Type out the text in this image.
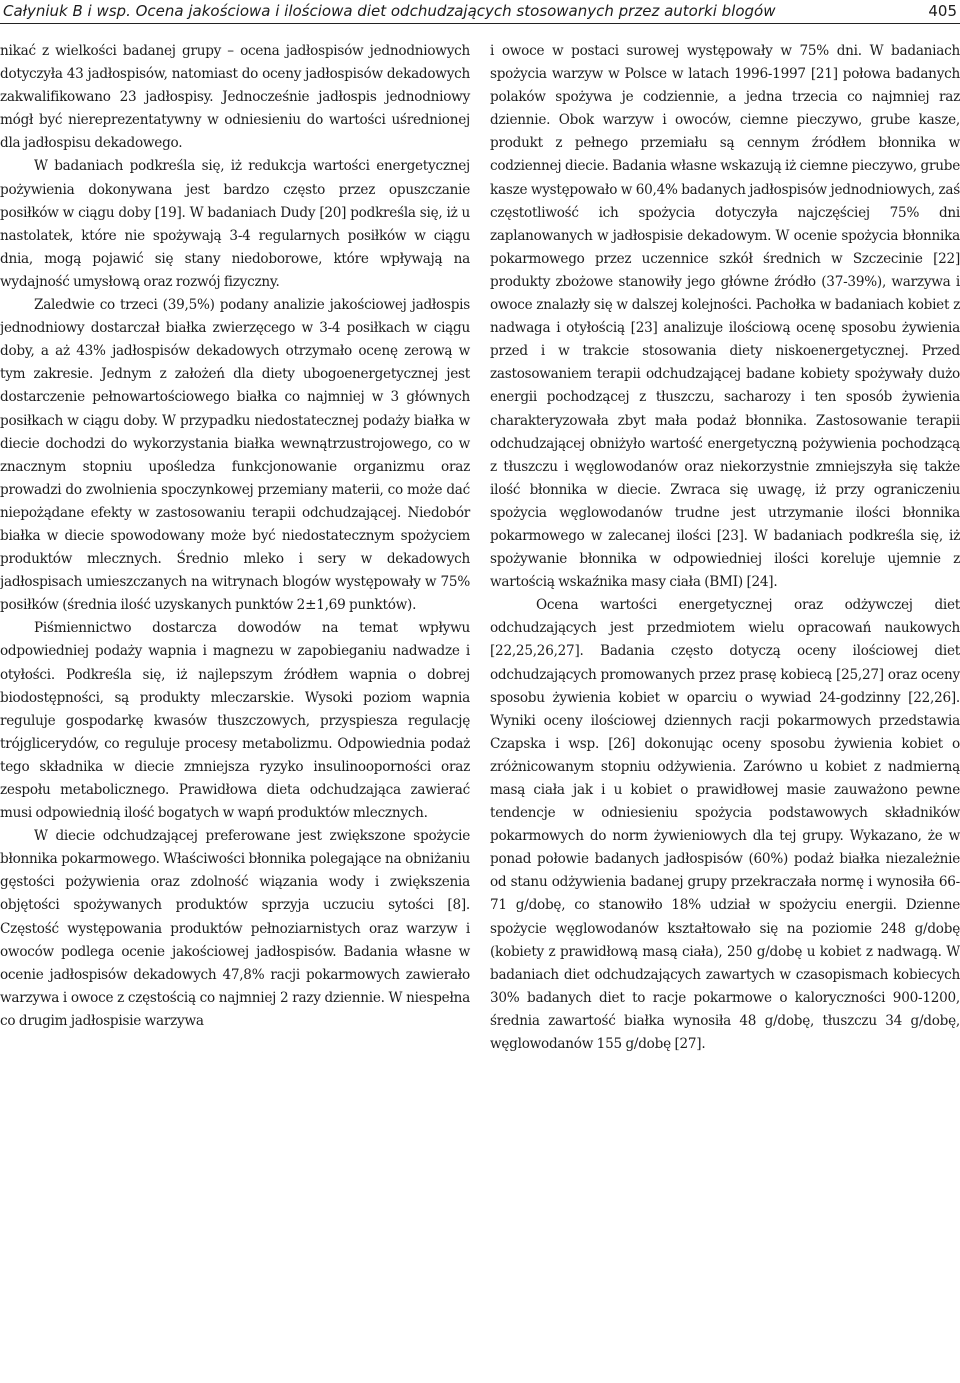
Całyniuk B i wsp. Ocena jakościowa i ilościowa diet odchudzających stosowanych przez autorki blogów	405

nikać z wielkości badanej grupy – ocena jadłospisów jednodniowych dotyczyła 43 jadłospisów, natomiast do oceny jadłospisów dekadowych zakwalifikowano 23 jadłospisy. Jednocześnie jadłospis jednodniowy mógł być niereprezentatywny w odniesieniu do wartości uśrednionej dla jadłospisu dekadowego.

W badaniach podkreśla się, iż redukcja wartości energetycznej pożywienia dokonywana jest bardzo często przez opuszczanie posiłków w ciągu doby [19]. W badaniach Dudy [20] podkreśla się, iż u nastolatek, które nie spożywają 3-4 regularnych posiłków w ciągu dnia, mogą pojawić się stany niedoborowe, które wpływają na wydajność umysłową oraz rozwój fizyczny.

Zaledwie co trzeci (39,5%) podany analizie jakościowej jadłospis jednodniowy dostarczał białka zwierzęcego w 3-4 posiłkach w ciągu doby, a aż 43% jadłospisów dekadowych otrzymało ocenę zerową w tym zakresie. Jednym z założeń dla diety ubogoenergetycznej jest dostarczenie pełnowartościowego białka co najmniej w 3 głównych posiłkach w ciągu doby. W przypadku niedostatecznej podaży białka w diecie dochodzi do wykorzystania białka wewnątrzustrojowego, co w znacznym stopniu upośledza funkcjonowanie organizmu oraz prowadzi do zwolnienia spoczynkowej przemiany materii, co może dać niepożądane efekty w zastosowaniu terapii odchudzającej. Niedobór białka w diecie spowodowany może być niedostatecznym spożyciem produktów mlecznych. Średnio mleko i sery w dekadowych jadłospisach umieszczanych na witrynach blogów występowały w 75% posiłków (średnia ilość uzyskanych punktów 2±1,69 punktów).

Piśmiennictwo dostarcza dowodów na temat wpływu odpowiedniej podaży wapnia i magnezu w zapobieganiu nadwadze i otyłości. Podkreśla się, iż najlepszym źródłem wapnia o dobrej biodostępności, są produkty mleczarskie. Wysoki poziom wapnia reguluje gospodarkę kwasów tłuszczowych, przyspiesza regulację trójglicerydów, co reguluje procesy metabolizmu. Odpowiednia podaż tego składnika w diecie zmniejsza ryzyko insulinooporności oraz zespołu metabolicznego. Prawidłowa dieta odchudzająca zawierać musi odpowiednią ilość bogatych w wapń produktów mlecznych.

W diecie odchudzającej preferowane jest zwiększone spożycie błonnika pokarmowego. Właściwości błonnika polegające na obniżaniu gęstości pożywienia oraz zdolność wiązania wody i zwiększenia objętości spożywanych produktów sprzyja uczuciu sytości [8]. Częstość występowania produktów pełnoziarnistych oraz warzyw i owoców podlega ocenie jakościowej jadłospisów. Badania własne w ocenie jadłospisów dekadowych 47,8% racji pokarmowych zawierało warzywa i owoce z częstością co najmniej 2 razy dziennie. W niespełna co drugim jadłospisie warzywa

i owoce w postaci surowej występowały w 75% dni. W badaniach spożycia warzyw w Polsce w latach 1996-1997 [21] połowa badanych polaków spożywa je codziennie, a jedna trzecia co najmniej raz dziennie. Obok warzyw i owoców, ciemne pieczywo, grube kasze, produkt z pełnego przemiału są cennym źródłem błonnika w codziennej diecie. Badania własne wskazują iż ciemne pieczywo, grube kasze występowało w 60,4% badanych jadłospisów jednodniowych, zaś częstotliwość ich spożycia dotyczyła najczęściej 75% dni zaplanowanych w jadłospisie dekadowym. W ocenie spożycia błonnika pokarmowego przez uczennice szkół średnich w Szczecinie [22] produkty zbożowe stanowiły jego główne źródło (37-39%), warzywa i owoce znalazły się w dalszej kolejności. Pachołka w badaniach kobiet z nadwaga i otyłością [23] analizuje ilościową ocenę sposobu żywienia przed i w trakcie stosowania diety niskoenergetycznej. Przed zastosowaniem terapii odchudzającej badane kobiety spożywały dużo energii pochodzącej z tłuszczu, sacharozy i ten sposób żywienia charakteryzowała zbyt mała podaż błonnika. Zastosowanie terapii odchudzającej obniżyło wartość energetyczną pożywienia pochodzącą z tłuszczu i węglowodanów oraz niekorzystnie zmniejszyła się także ilość błonnika w diecie. Zwraca się uwagę, iż przy ograniczeniu spożycia węglowodanów trudne jest utrzymanie ilości błonnika pokarmowego w zalecanej ilości [23]. W badaniach podkreśla się, iż spożywanie błonnika w odpowiedniej ilości koreluje ujemnie z wartością wskaźnika masy ciała (BMI) [24].

Ocena wartości energetycznej oraz odżywczej diet odchudzających jest przedmiotem wielu opracowań naukowych [22,25,26,27]. Badania często dotyczą oceny ilościowej diet odchudzających promowanych przez prasę kobiecą [25,27] oraz oceny sposobu żywienia kobiet w oparciu o wywiad 24-godzinny [22,26]. Wyniki oceny ilościowej dziennych racji pokarmowych przedstawia Czapska i wsp. [26] dokonując oceny sposobu żywienia kobiet o zróżnicowanym stopniu odżywienia. Zarówno u kobiet z nadmierną masą ciała jak i u kobiet o prawidłowej masie zauważono pewne tendencje w odniesieniu spożycia podstawowych składników pokarmowych do norm żywieniowych dla tej grupy. Wykazano, że w ponad połowie badanych jadłospisów (60%) podaż białka niezależnie od stanu odżywienia badanej grupy przekraczała normę i wynosiła 66-71 g/dobę, co stanowiło 18% udział w spożyciu energii. Dzienne spożycie węglowodanów kształtowało się na poziomie 248 g/dobę (kobiety z prawidłową masą ciała), 250 g/dobę u kobiet z nadwagą. W badaniach diet odchudzających zawartych w czasopismach kobiecych 30% badanych diet to racje pokarmowe o kaloryczności 900-1200, średnia zawartość białka wynosiła 48 g/dobę, tłuszczu 34 g/dobę, węglowodanów 155 g/dobę [27].
